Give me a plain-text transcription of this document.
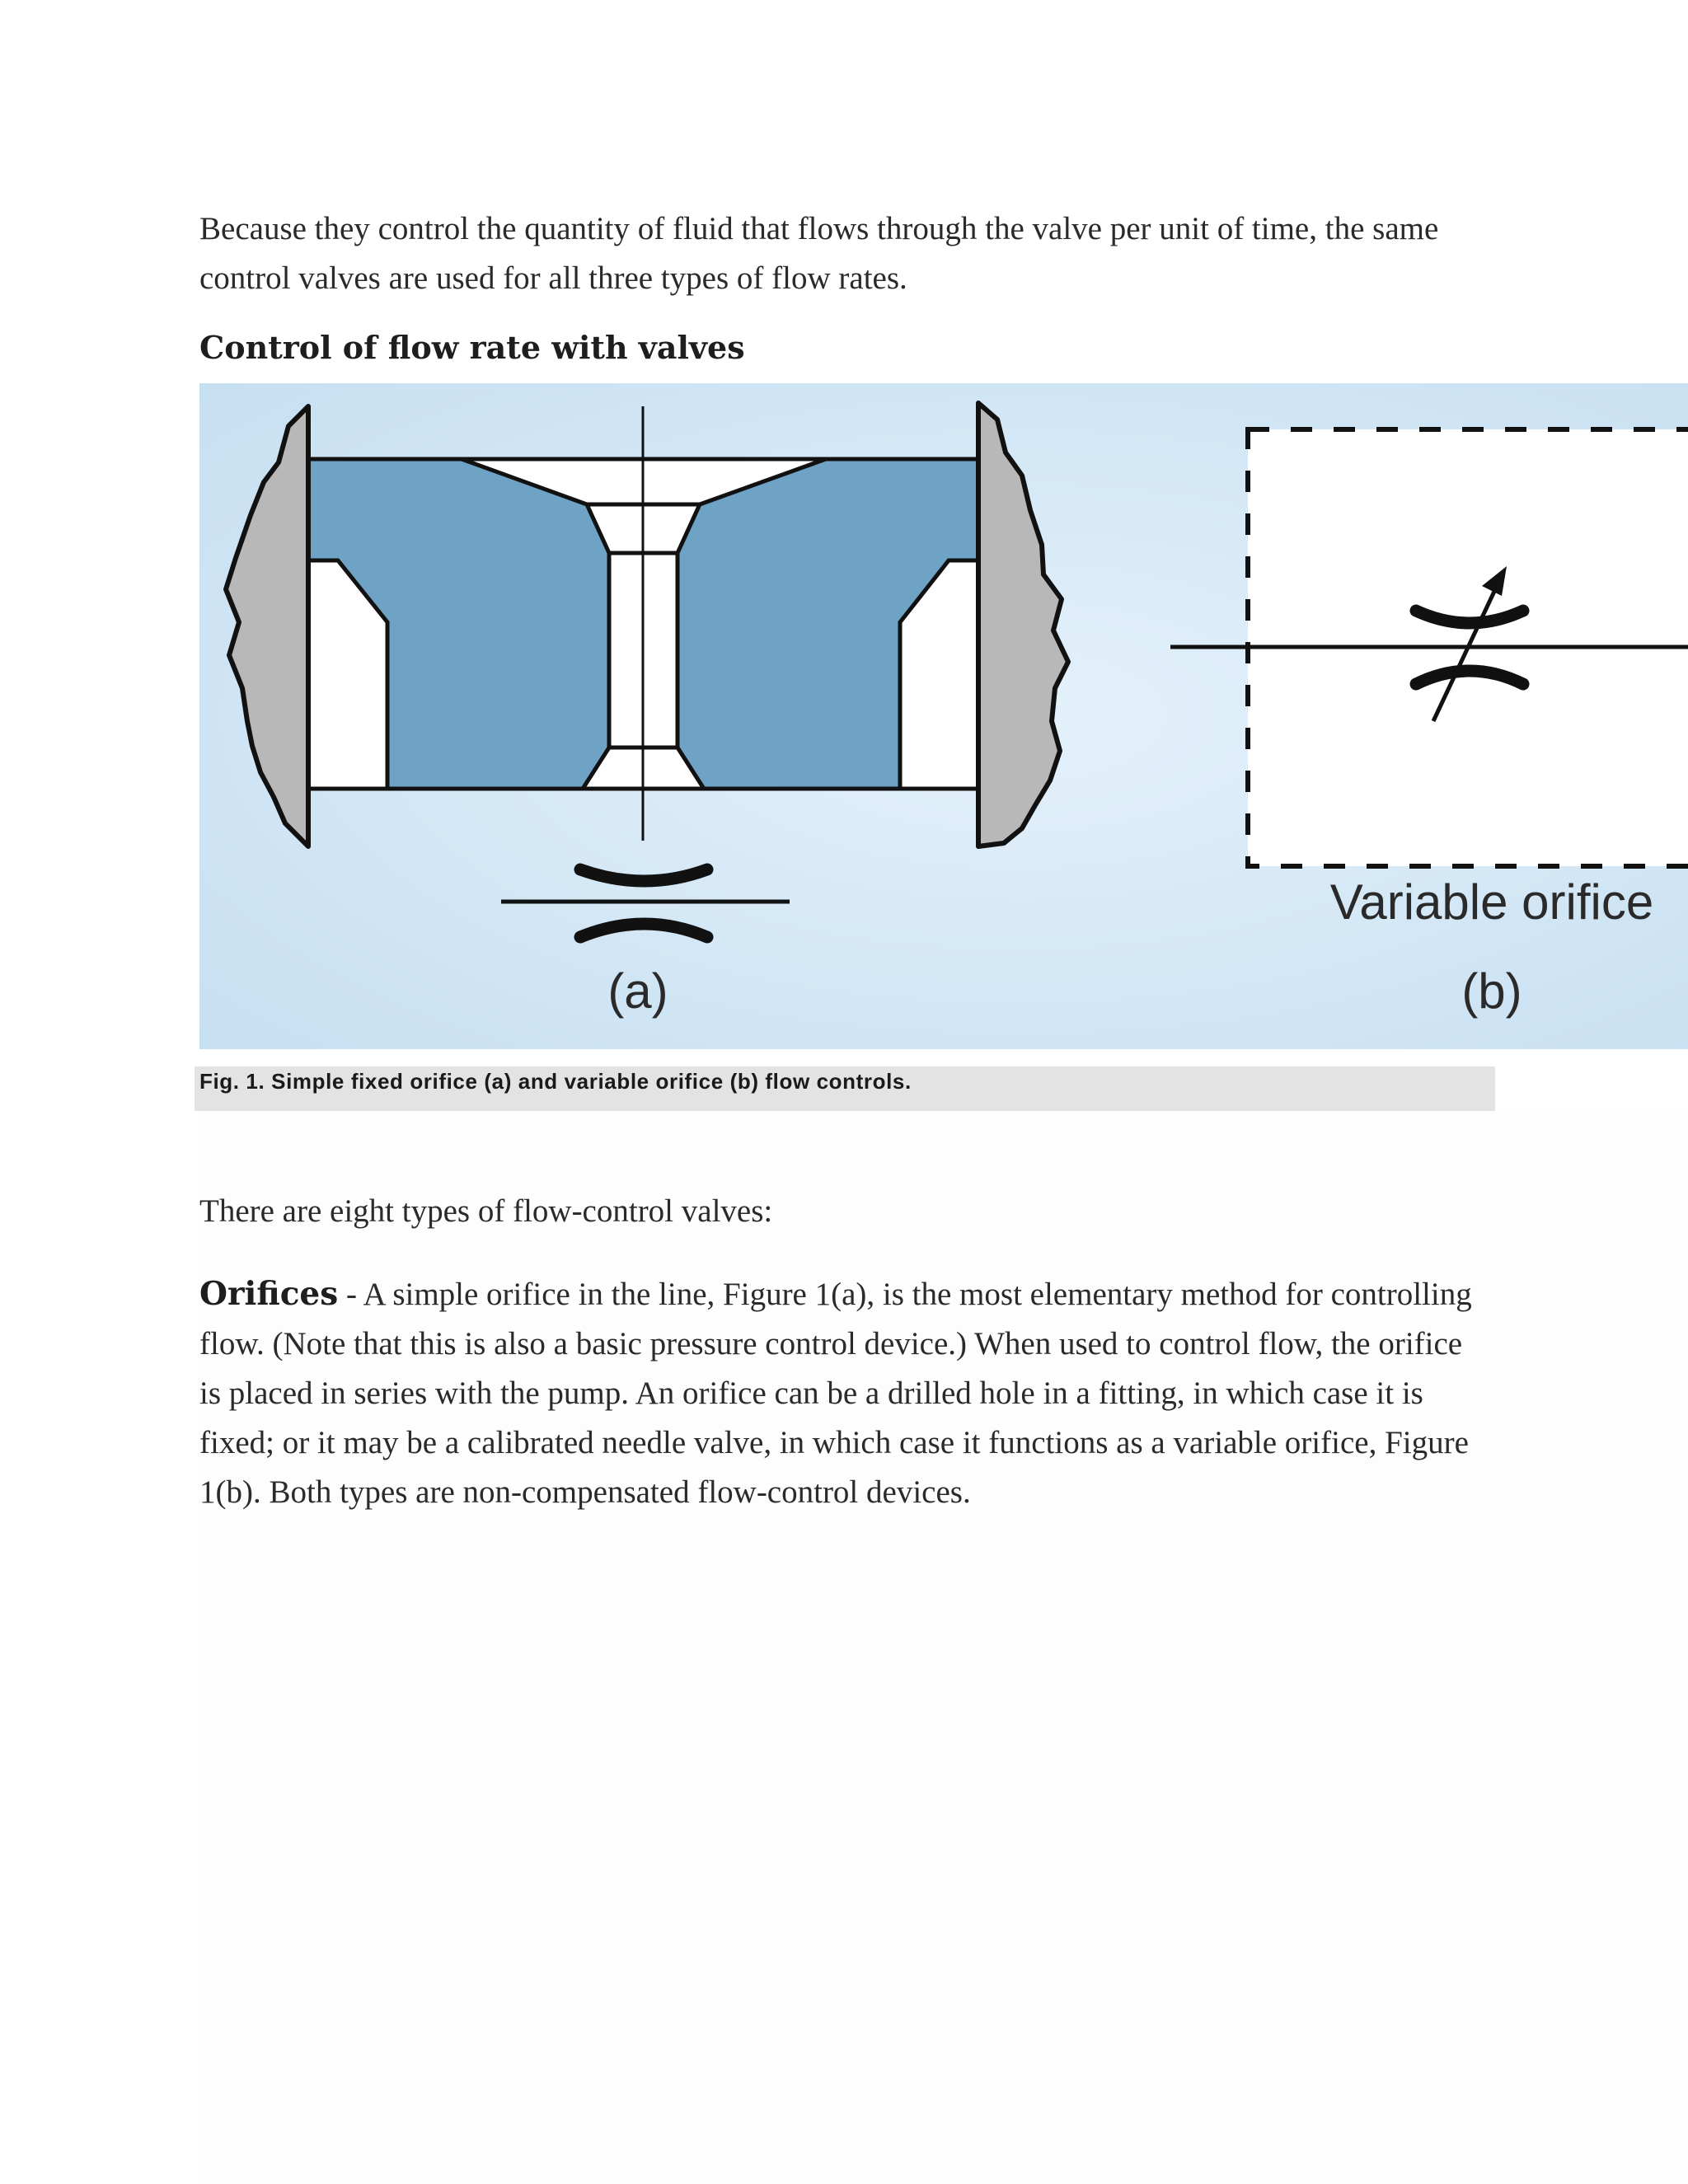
Because they control the quantity of fluid that flows through the valve per unit of time, the same control valves are used for all three types of flow rates.

Control of flow rate with valves
(a)
Variable orifice
(b)
Fig. 1. Simple fixed orifice (a) and variable orifice (b) flow controls.

There are eight types of flow-control valves:

Orifices - A simple orifice in the line, Figure 1(a), is the most elementary method for controlling flow. (Note that this is also a basic pressure control device.) When used to control flow, the orifice is placed in series with the pump. An orifice can be a drilled hole in a fitting, in which case it is fixed; or it may be a calibrated needle valve, in which case it functions as a variable orifice, Figure 1(b). Both types are non-compensated flow-control devices.
